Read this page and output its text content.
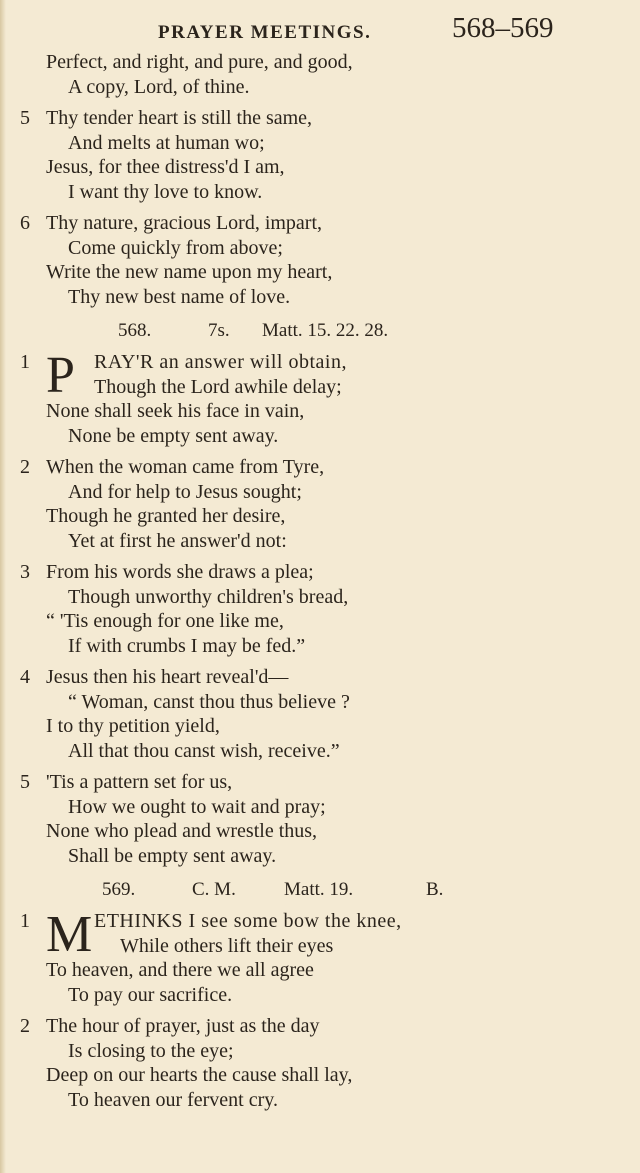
PRAYER MEETINGS.	568–569
Perfect, and right, and pure, and good,
A copy, Lord, of thine.
5 Thy tender heart is still the same,
And melts at human wo;
Jesus, for thee distress'd I am,
I want thy love to know.
6 Thy nature, gracious Lord, impart,
Come quickly from above;
Write the new name upon my heart,
Thy new best name of love.
568.	7s. Matt. 15. 22. 28.
1 P RAY'R an answer will obtain,
Though the Lord awhile delay;
None shall seek his face in vain,
None be empty sent away.
2 When the woman came from Tyre,
And for help to Jesus sought;
Though he granted her desire,
Yet at first he answer'd not:
3 From his words she draws a plea;
Though unworthy children's bread,
“ 'Tis enough for one like me,
If with crumbs I may be fed.”
4 Jesus then his heart reveal'd—
“ Woman, canst thou thus believe ?
I to thy petition yield,
All that thou canst wish, receive.”
5 'Tis a pattern set for us,
How we ought to wait and pray;
None who plead and wrestle thus,
Shall be empty sent away.
569.	C. M.	Matt. 19.	B.
1 M ETHINKS I see some bow the knee,
While others lift their eyes
To heaven, and there we all agree
To pay our sacrifice.
2 The hour of prayer, just as the day
Is closing to the eye;
Deep on our hearts the cause shall lay,
To heaven our fervent cry.
